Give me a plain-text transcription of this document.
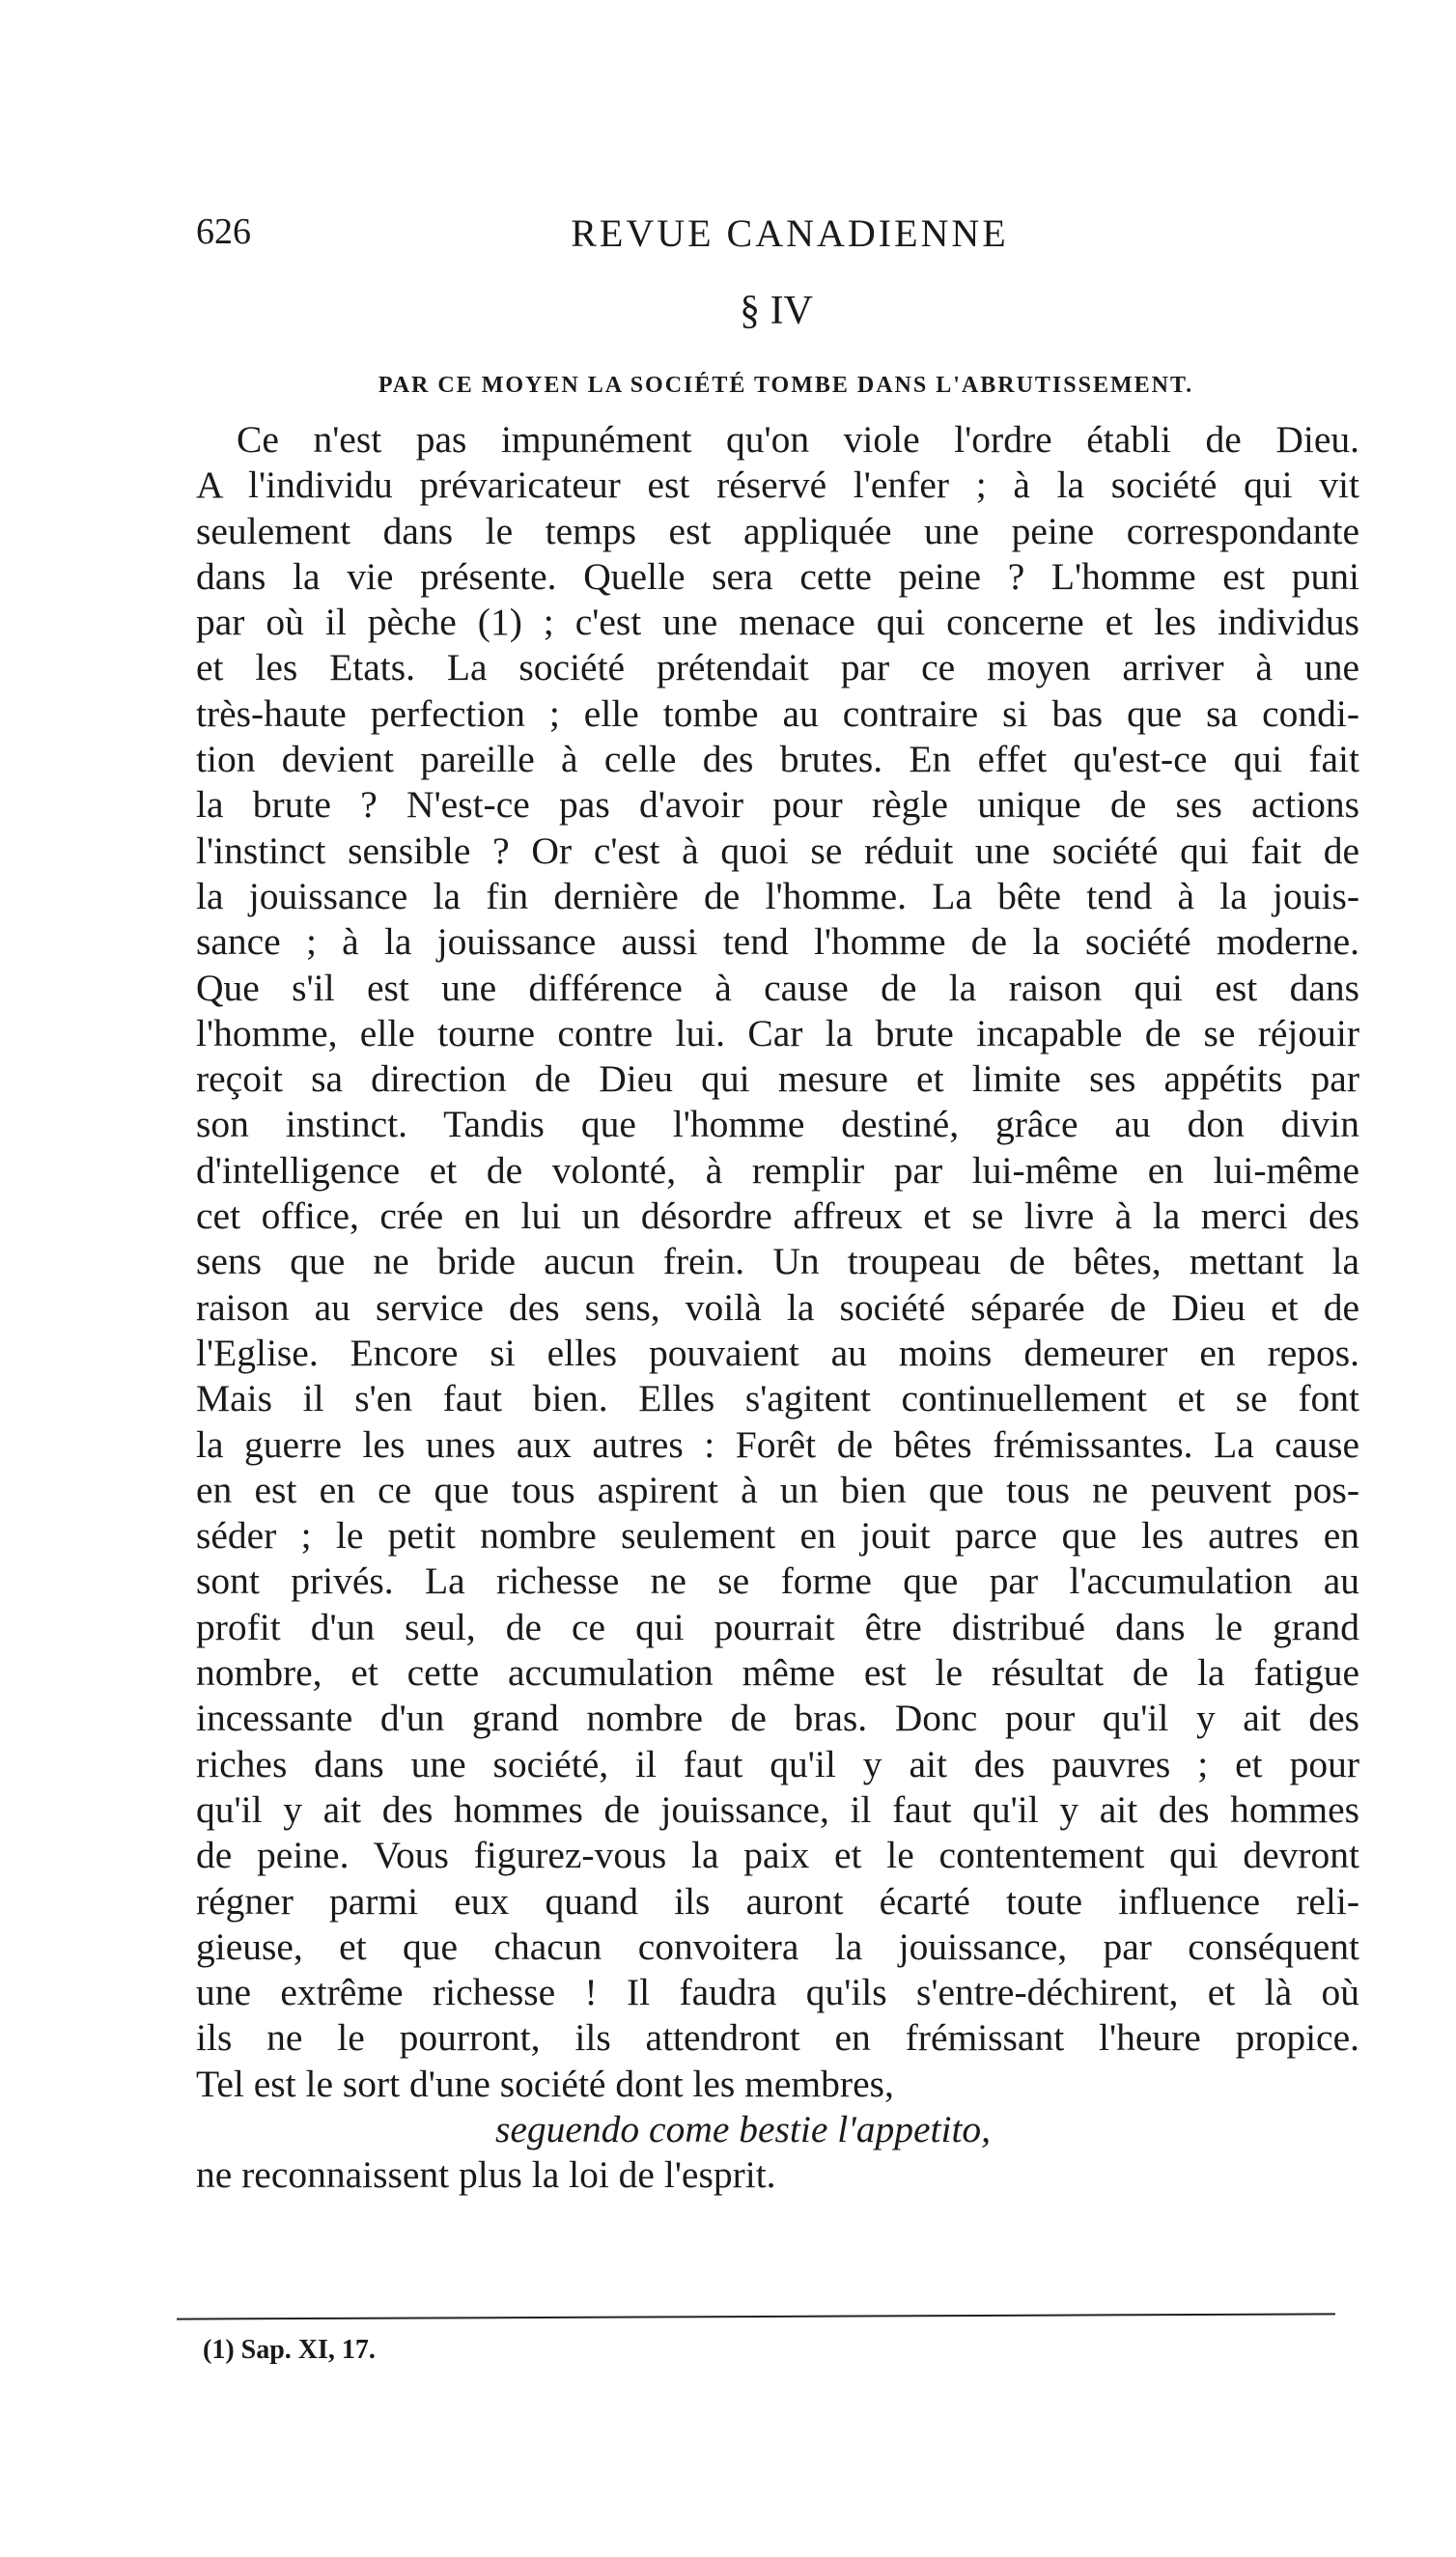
626	REVUE CANADIENNE
§ IV
PAR CE MOYEN LA SOCIÉTÉ TOMBE DANS L'ABRUTISSEMENT.
Ce n'est pas impunément qu'on viole l'ordre établi de Dieu.
A l'individu prévaricateur est réservé l'enfer ; à la société qui vit
seulement dans le temps est appliquée une peine correspondante
dans la vie présente. Quelle sera cette peine ? L'homme est puni
par où il pèche (1) ; c'est une menace qui concerne et les individus
et les Etats. La société prétendait par ce moyen arriver à une
très-haute perfection ; elle tombe au contraire si bas que sa condi-
tion devient pareille à celle des brutes. En effet qu'est-ce qui fait
la brute ? N'est-ce pas d'avoir pour règle unique de ses actions
l'instinct sensible ? Or c'est à quoi se réduit une société qui fait de
la jouissance la fin dernière de l'homme. La bête tend à la jouis-
sance ; à la jouissance aussi tend l'homme de la société moderne.
Que s'il est une différence à cause de la raison qui est dans
l'homme, elle tourne contre lui. Car la brute incapable de se réjouir
reçoit sa direction de Dieu qui mesure et limite ses appétits par
son instinct. Tandis que l'homme destiné, grâce au don divin
d'intelligence et de volonté, à remplir par lui-même en lui-même
cet office, crée en lui un désordre affreux et se livre à la merci des
sens que ne bride aucun frein. Un troupeau de bêtes, mettant la
raison au service des sens, voilà la société séparée de Dieu et de
l'Eglise. Encore si elles pouvaient au moins demeurer en repos.
Mais il s'en faut bien. Elles s'agitent continuellement et se font
la guerre les unes aux autres : Forêt de bêtes frémissantes. La cause
en est en ce que tous aspirent à un bien que tous ne peuvent pos-
séder ; le petit nombre seulement en jouit parce que les autres en
sont privés. La richesse ne se forme que par l'accumulation au
profit d'un seul, de ce qui pourrait être distribué dans le grand
nombre, et cette accumulation même est le résultat de la fatigue
incessante d'un grand nombre de bras. Donc pour qu'il y ait des
riches dans une société, il faut qu'il y ait des pauvres ; et pour
qu'il y ait des hommes de jouissance, il faut qu'il y ait des hommes
de peine. Vous figurez-vous la paix et le contentement qui devront
régner parmi eux quand ils auront écarté toute influence reli-
gieuse, et que chacun convoitera la jouissance, par conséquent
une extrême richesse ! Il faudra qu'ils s'entre-déchirent, et là où
ils ne le pourront, ils attendront en frémissant l'heure propice.
Tel est le sort d'une société dont les membres,
seguendo come bestie l'appetito,
ne reconnaissent plus la loi de l'esprit.
(1) Sap. XI, 17.
